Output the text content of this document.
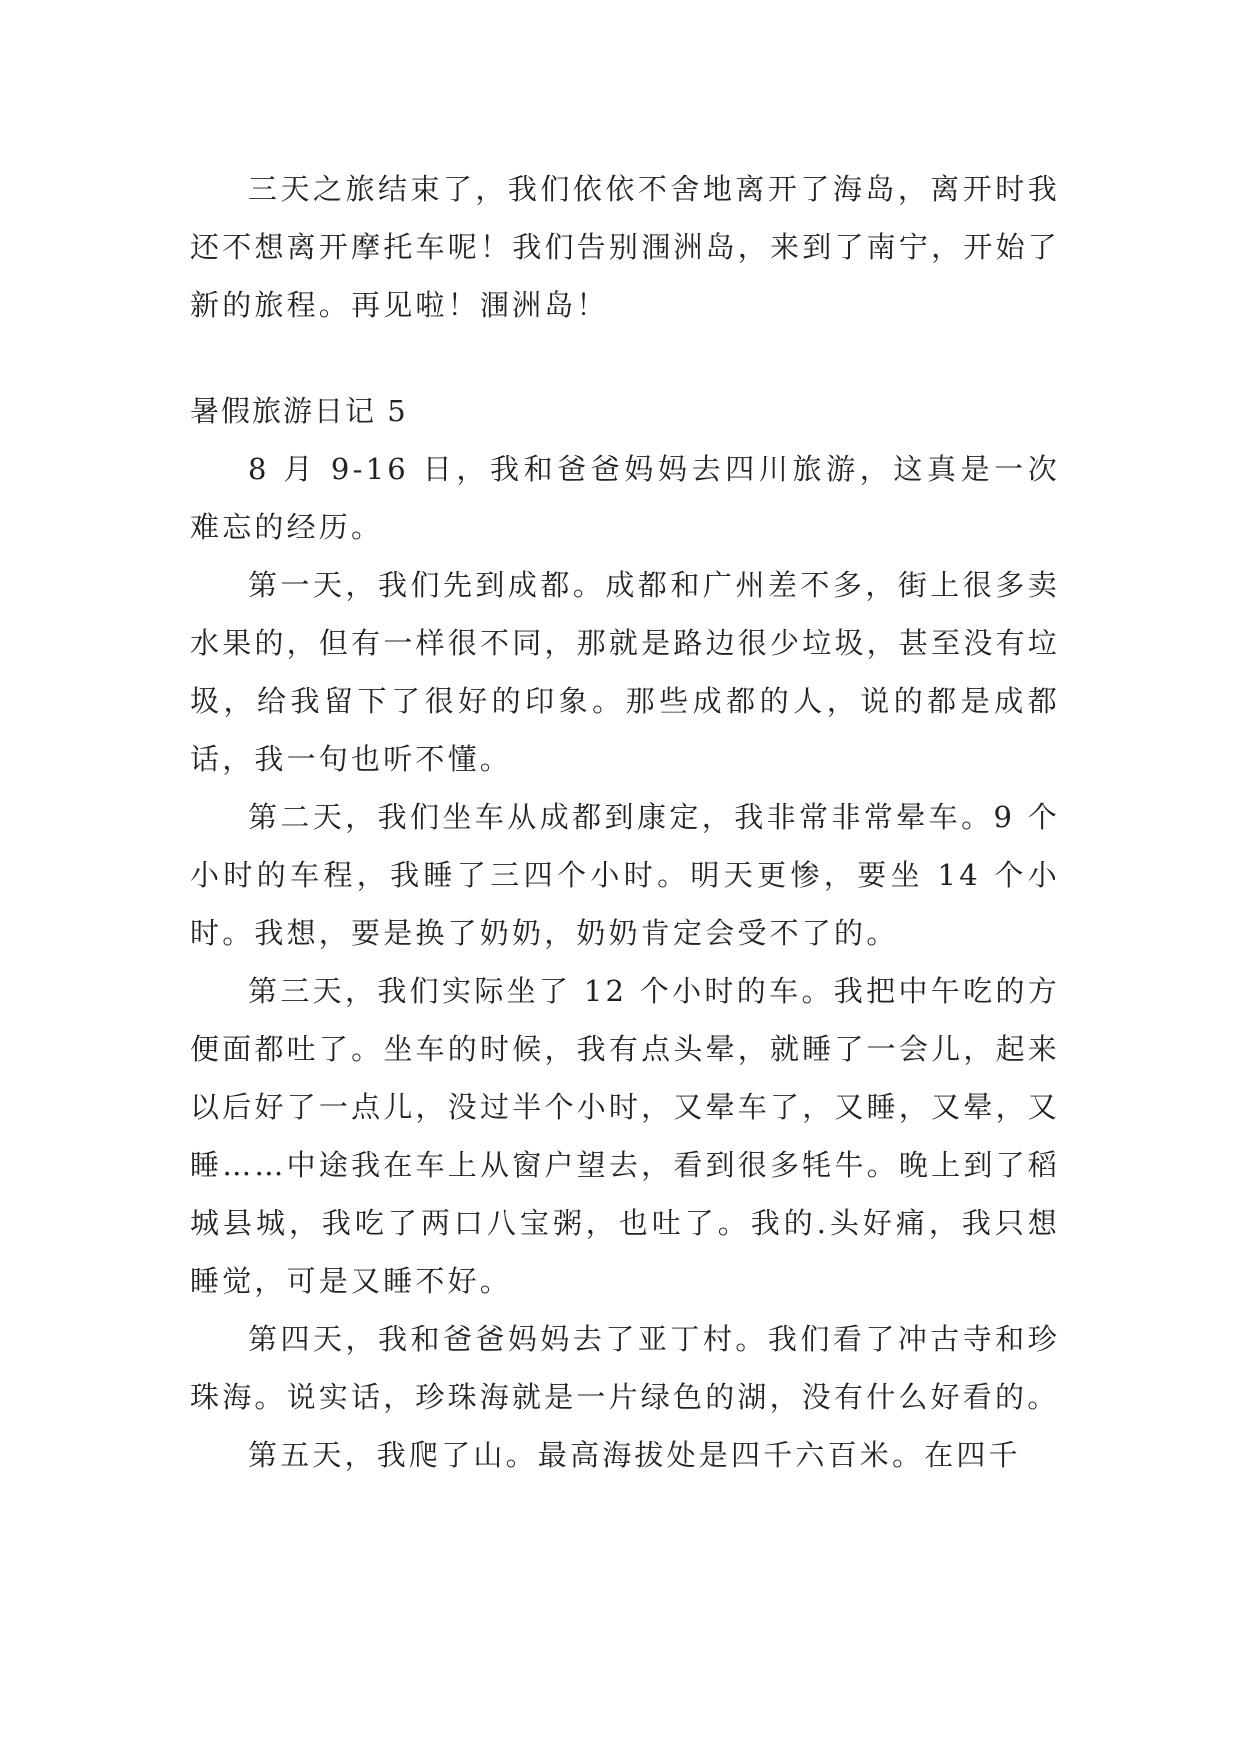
三天之旅结束了，我们依依不舍地离开了海岛，离开时我还不想离开摩托车呢！我们告别涠洲岛，来到了南宁，开始了新的旅程。再见啦！涠洲岛！

暑假旅游日记 5

8 月 9-16 日，我和爸爸妈妈去四川旅游，这真是一次难忘的经历。

第一天，我们先到成都。成都和广州差不多，街上很多卖水果的，但有一样很不同，那就是路边很少垃圾，甚至没有垃圾，给我留下了很好的印象。那些成都的人，说的都是成都话，我一句也听不懂。

第二天，我们坐车从成都到康定，我非常非常晕车。9 个小时的车程，我睡了三四个小时。明天更惨，要坐 14 个小时。我想，要是换了奶奶，奶奶肯定会受不了的。

第三天，我们实际坐了 12 个小时的车。我把中午吃的方便面都吐了。坐车的时候，我有点头晕，就睡了一会儿，起来以后好了一点儿，没过半个小时，又晕车了，又睡，又晕，又睡……中途我在车上从窗户望去，看到很多牦牛。晚上到了稻城县城，我吃了两口八宝粥，也吐了。我的.头好痛，我只想睡觉，可是又睡不好。

第四天，我和爸爸妈妈去了亚丁村。我们看了冲古寺和珍珠海。说实话，珍珠海就是一片绿色的湖，没有什么好看的。

第五天，我爬了山。最高海拔处是四千六百米。在四千
